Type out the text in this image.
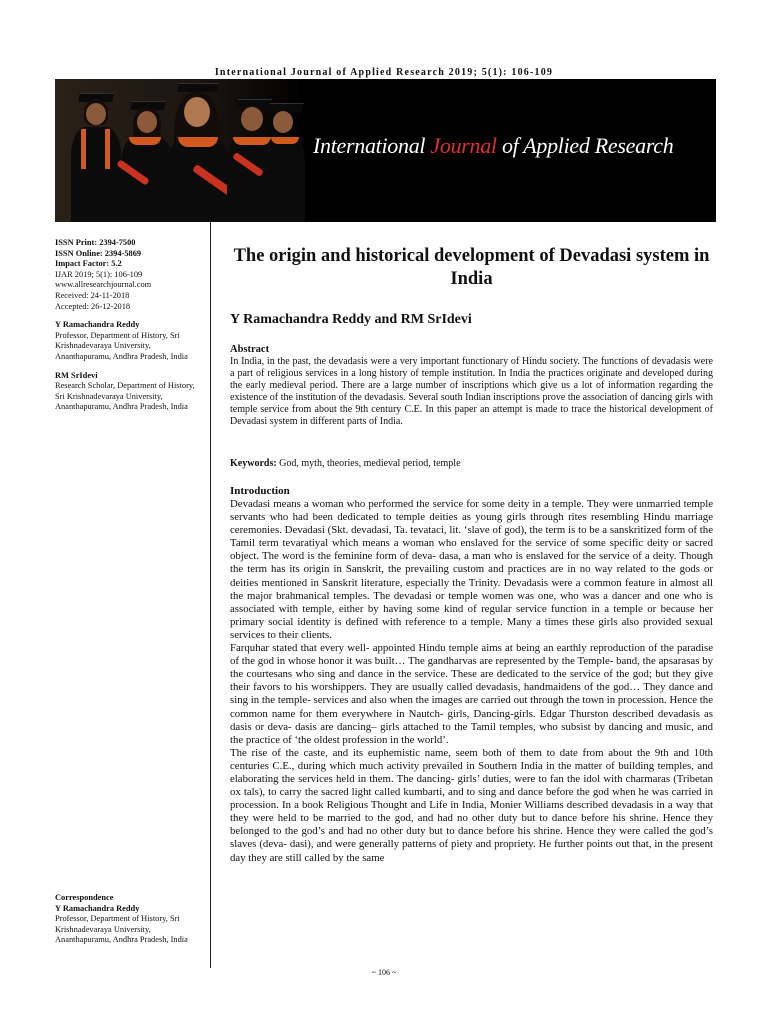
International Journal of Applied Research 2019; 5(1): 106-109
International Journal of Applied Research
ISSN Print: 2394-7500
ISSN Online: 2394-5869
Impact Factor: 5.2
IJAR 2019; 5(1): 106-109
www.allresearchjournal.com
Received: 24-11-2018
Accepted: 26-12-2018
Y Ramachandra Reddy
Professor, Department of History, Sri Krishnadevaraya University, Ananthapuramu, Andhra Pradesh, India
RM SrIdevi
Research Scholar, Department of History, Sri Krishnadevaraya University, Ananthapuramu, Andhra Pradesh, India
Correspondence
Y Ramachandra Reddy
Professor, Department of History, Sri Krishnadevaraya University, Ananthapuramu, Andhra Pradesh, India
The origin and historical development of Devadasi system in India
Y Ramachandra Reddy and RM SrIdevi
Abstract
In India, in the past, the devadasis were a very important functionary of Hindu society. The functions of devadasis were a part of religious services in a long history of temple institution. In India the practices originate and developed during the early medieval period. There are a large number of inscriptions which give us a lot of information regarding the existence of the institution of the devadasis. Several south Indian inscriptions prove the association of dancing girls with temple service from about the 9th century C.E. In this paper an attempt is made to trace the historical development of Devadasi system in different parts of India.
Keywords: God, myth, theories, medieval period, temple
Introduction

Devadasi means a woman who performed the service for some deity in a temple. They were unmarried temple servants who had been dedicated to temple deities as young girls through rites resembling Hindu marriage ceremonies. Devadasi (Skt. devadasi, Ta. tevataci, lit. ‘slave of god), the term is to be a sanskritized form of the Tamil term tevaratiyal which means a woman who enslaved for the service of some specific deity or sacred object. The word is the feminine form of deva- dasa, a man who is enslaved for the service of a deity. Though the term has its origin in Sanskrit, the prevailing custom and practices are in no way related to the gods or deities mentioned in Sanskrit literature, especially the Trinity. Devadasis were a common feature in almost all the major brahmanical temples. The devadasi or temple women was one, who was a dancer and one who is associated with temple, either by having some kind of regular service function in a temple or because her primary social identity is defined with reference to a temple. Many a times these girls also provided sexual services to their clients.

Farquhar stated that every well- appointed Hindu temple aims at being an earthly reproduction of the paradise of the god in whose honor it was built… The gandharvas are represented by the Temple- band, the apsarasas by the courtesans who sing and dance in the service. These are dedicated to the service of the god; but they give their favors to his worshippers. They are usually called devadasis, handmaidens of the god… They dance and sing in the temple- services and also when the images are carried out through the town in procession. Hence the common name for them everywhere in Nautch- girls, Dancing-girls. Edgar Thurston described devadasis as dasis or deva- dasis are dancing– girls attached to the Tamil temples, who subsist by dancing and music, and the practice of ‘the oldest profession in the world’.

The rise of the caste, and its euphemistic name, seem both of them to date from about the 9th and 10th centuries C.E., during which much activity prevailed in Southern India in the matter of building temples, and elaborating the services held in them. The dancing- girls’ duties, were to fan the idol with charmaras (Tribetan ox tals), to carry the sacred light called kumbarti, and to sing and dance before the god when he was carried in procession. In a book Religious Thought and Life in India, Monier Williams described devadasis in a way that they were held to be married to the god, and had no other duty but to dance before his shrine. Hence they belonged to the god’s and had no other duty but to dance before his shrine. Hence they were called the god’s slaves (deva- dasi), and were generally patterns of piety and propriety. He further points out that, in the present day they are still called by the same

~ 106 ~
